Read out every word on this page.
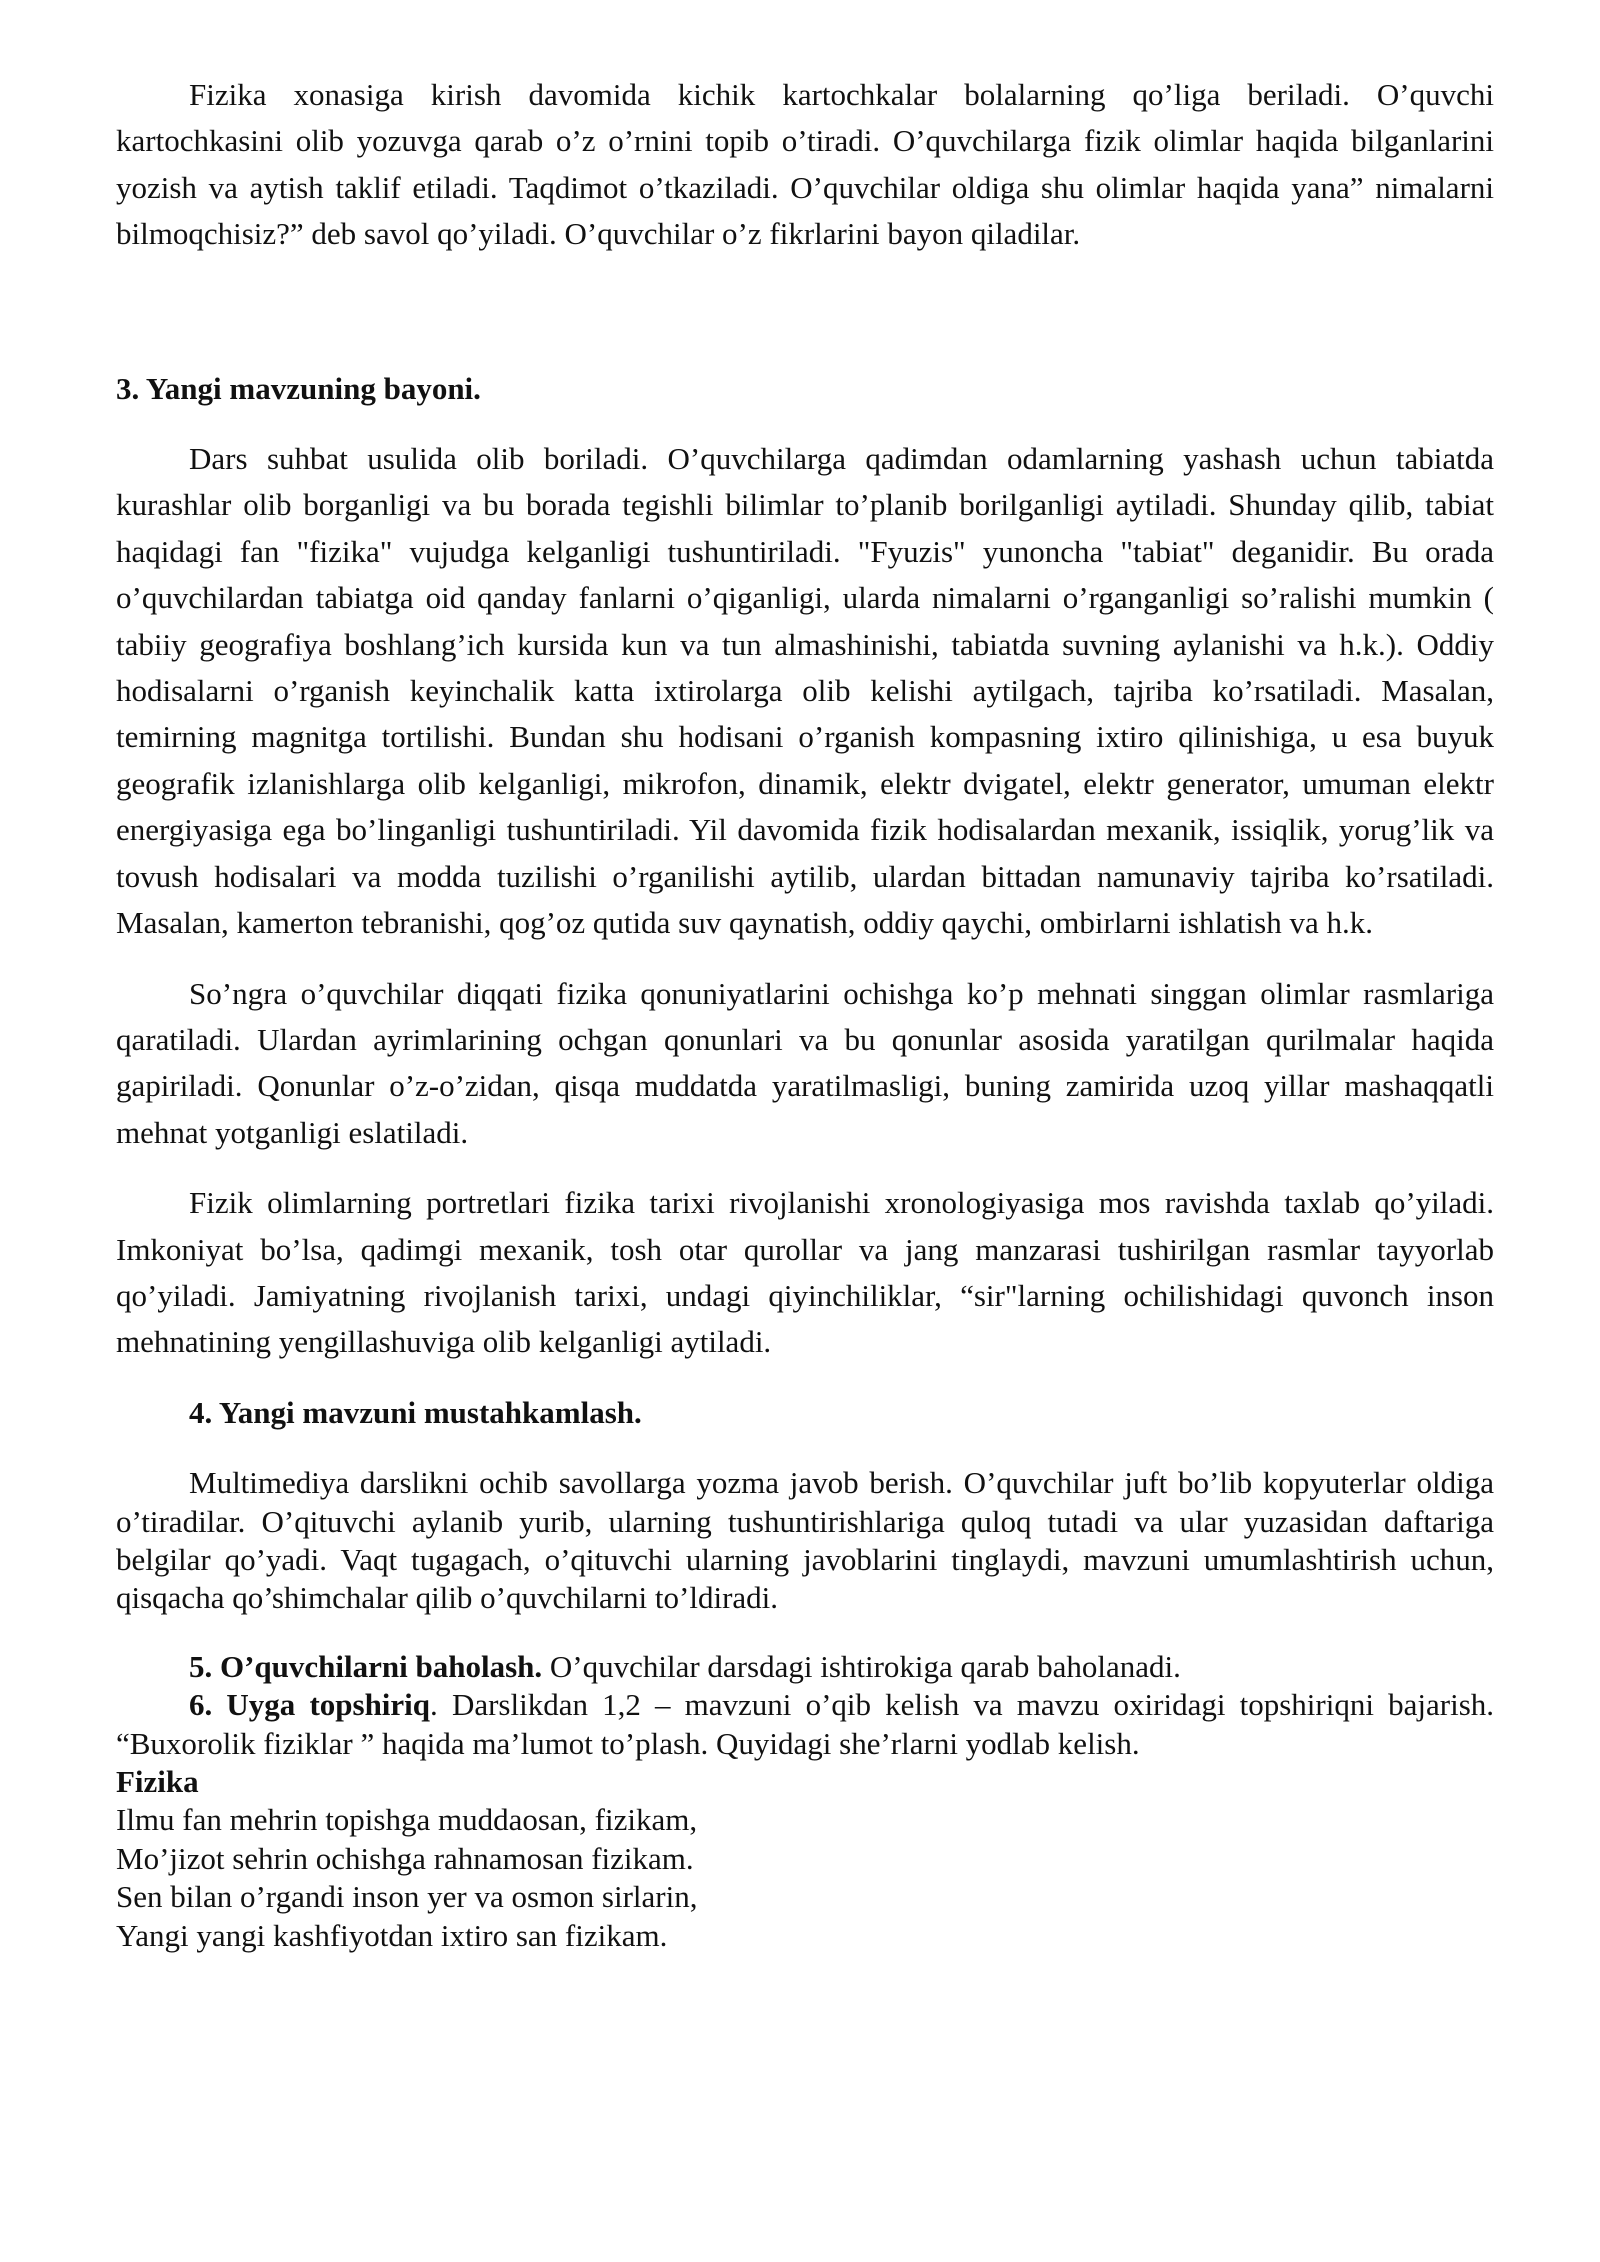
Fizika xonasiga kirish davomida kichik kartochkalar bolalarning qo’liga beriladi. O’quvchi kartochkasini olib yozuvga qarab o’z o’rnini topib o’tiradi. O’quvchilarga fizik olimlar haqida bilganlarini yozish va aytish taklif etiladi. Taqdimot o’tkaziladi. O’quvchilar oldiga shu olimlar haqida yana” nimalarni bilmoqchisiz?” deb savol qo’yiladi. O’quvchilar o’z fikrlarini bayon qiladilar.

3. Yangi mavzuning bayoni.

Dars suhbat usulida olib boriladi. O’quvchilarga qadimdan odamlarning yashash uchun tabiatda kurashlar olib borganligi va bu borada tegishli bilimlar to’planib borilganligi aytiladi. Shunday qilib, tabiat haqidagi fan "fizika" vujudga kelganligi tushuntiriladi. "Fyuzis" yunoncha "tabiat" deganidir. Bu orada o’quvchilardan tabiatga oid qanday fanlarni o’qiganligi, ularda nimalarni o’rganganligi so’ralishi mumkin ( tabiiy geografiya boshlang’ich kursida kun va tun almashinishi, tabiatda suvning aylanishi va h.k.). Oddiy hodisalarni o’rganish keyinchalik katta ixtirolarga olib kelishi aytilgach, tajriba ko’rsatiladi. Masalan, temirning magnitga tortilishi. Bundan shu hodisani o’rganish kompasning ixtiro qilinishiga, u esa buyuk geografik izlanishlarga olib kelganligi, mikrofon, dinamik, elektr dvigatel, elektr generator, umuman elektr energiyasiga ega bo’linganligi tushuntiriladi. Yil davomida fizik hodisalardan mexanik, issiqlik, yorug’lik va tovush hodisalari va modda tuzilishi o’rganilishi aytilib, ulardan bittadan namunaviy tajriba ko’rsatiladi. Masalan, kamerton tebranishi, qog’oz qutida suv qaynatish, oddiy qaychi, ombirlarni ishlatish va h.k.

So’ngra o’quvchilar diqqati fizika qonuniyatlarini ochishga ko’p mehnati singgan olimlar rasmlariga qaratiladi. Ulardan ayrimlarining ochgan qonunlari va bu qonunlar asosida yaratilgan qurilmalar haqida gapiriladi. Qonunlar o’z-o’zidan, qisqa muddatda yaratilmasligi, buning zamirida uzoq yillar mashaqqatli mehnat yotganligi eslatiladi.

Fizik olimlarning portretlari fizika tarixi rivojlanishi xronologiyasiga mos ravishda taxlab qo’yiladi. Imkoniyat bo’lsa, qadimgi mexanik, tosh otar qurollar va jang manzarasi tushirilgan rasmlar tayyorlab qo’yiladi. Jamiyatning rivojlanish tarixi, undagi qiyinchiliklar, “sir"larning ochilishidagi quvonch inson mehnatining yengillashuviga olib kelganligi aytiladi.

4. Yangi mavzuni mustahkamlash.

Multimediya darslikni ochib savollarga yozma javob berish. O’quvchilar juft bo’lib kopyuterlar oldiga o’tiradilar. O’qituvchi aylanib yurib, ularning tushuntirishlariga quloq tutadi va ular yuzasidan daftariga belgilar qo’yadi. Vaqt tugagach, o’qituvchi ularning javoblarini tinglaydi, mavzuni umumlashtirish uchun, qisqacha qo’shimchalar qilib o’quvchilarni to’ldiradi.

5. O’quvchilarni baholash. O’quvchilar darsdagi ishtirokiga qarab baholanadi.

6. Uyga topshiriq. Darslikdan 1,2 – mavzuni o’qib kelish va mavzu oxiridagi topshiriqni bajarish. “Buxorolik fiziklar ” haqida ma’lumot to’plash. Quyidagi she’rlarni yodlab kelish.

Fizika

Ilmu fan mehrin topishga muddaosan, fizikam,

Mo’jizot sehrin ochishga rahnamosan fizikam.

Sen bilan o’rgandi inson yer va osmon sirlarin,

Yangi yangi kashfiyotdan ixtiro san fizikam.
